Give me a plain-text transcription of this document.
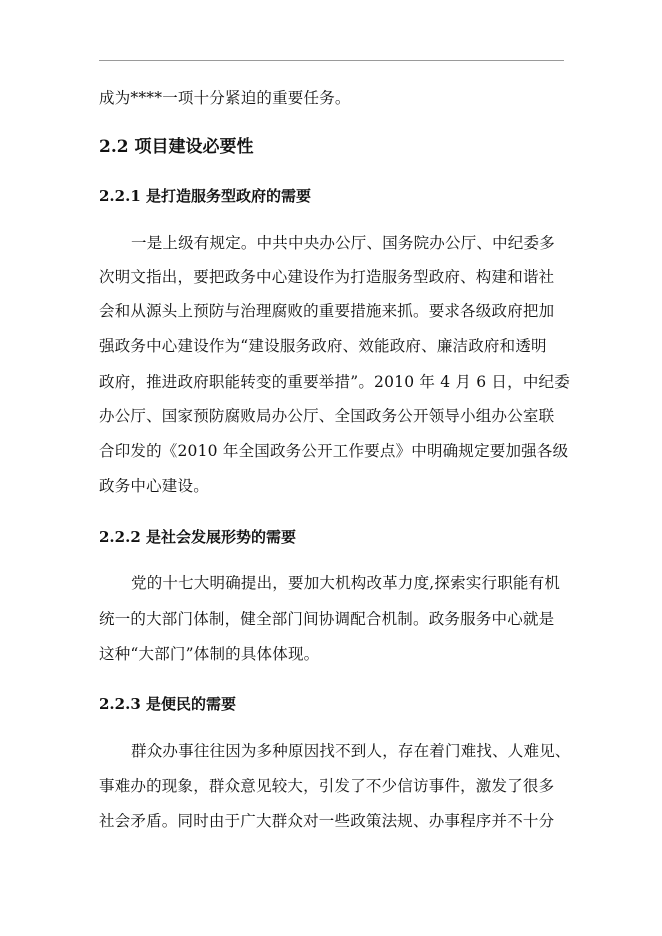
成为****一项十分紧迫的重要任务。
2.2 项目建设必要性
2.2.1 是打造服务型政府的需要
一是上级有规定。中共中央办公厅、国务院办公厅、中纪委多
次明文指出，要把政务中心建设作为打造服务型政府、构建和谐社
会和从源头上预防与治理腐败的重要措施来抓。要求各级政府把加
强政务中心建设作为“建设服务政府、效能政府、廉洁政府和透明
政府，推进政府职能转变的重要举措”。2010 年 4 月 6 日，中纪委
办公厅、国家预防腐败局办公厅、全国政务公开领导小组办公室联
合印发的《2010 年全国政务公开工作要点》中明确规定要加强各级
政务中心建设。
2.2.2 是社会发展形势的需要
党的十七大明确提出，要加大机构改革力度,探索实行职能有机
统一的大部门体制，健全部门间协调配合机制。政务服务中心就是
这种“大部门”体制的具体体现。
2.2.3 是便民的需要
群众办事往往因为多种原因找不到人，存在着门难找、人难见、
事难办的现象，群众意见较大，引发了不少信访事件，激发了很多
社会矛盾。同时由于广大群众对一些政策法规、办事程序并不十分
